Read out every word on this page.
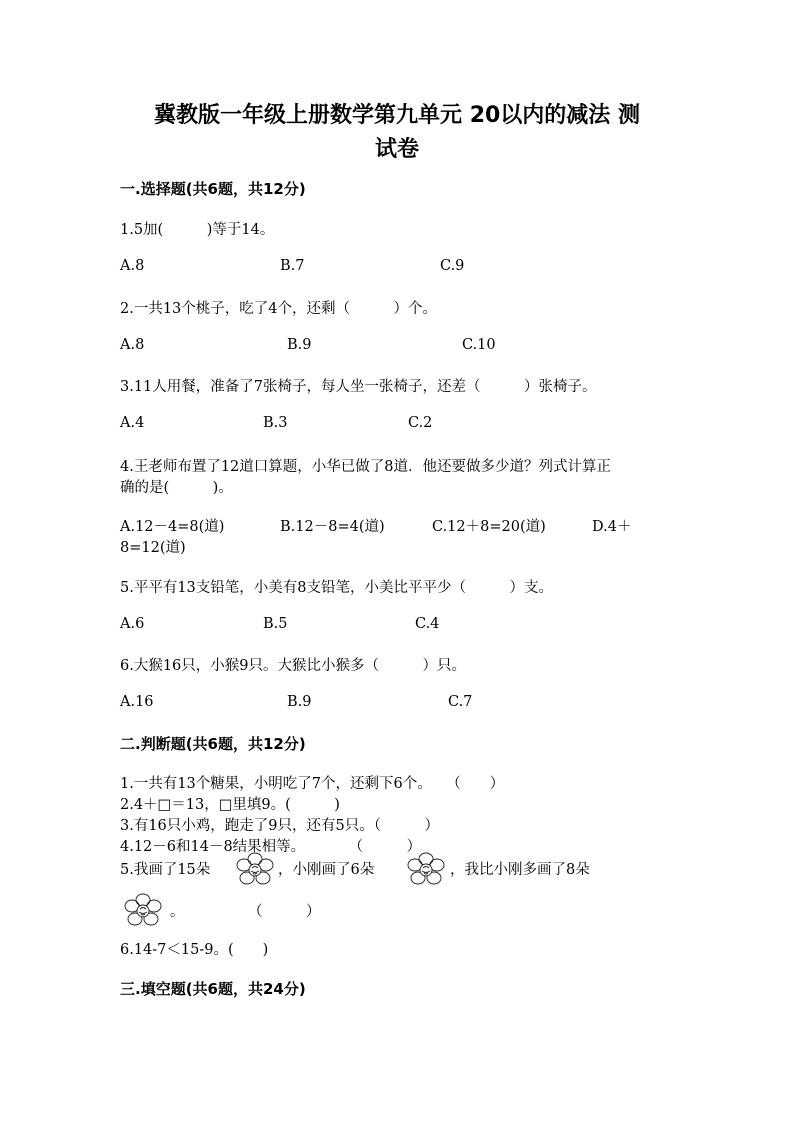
冀教版一年级上册数学第九单元 20以内的减法 测
试卷
一.选择题(共6题，共12分)
1.5加(　　　)等于14。
A.8	B.7	C.9
2.一共13个桃子，吃了4个，还剩（　　　）个。
A.8	B.9	C.10
3.11人用餐，准备了7张椅子，每人坐一张椅子，还差（　　　）张椅子。
A.4	B.3	C.2
4.王老师布置了12道口算题，小华已做了8道．他还要做多少道？列式计算正
确的是(　　　)。
A.12－4=8(道)	B.12－8=4(道)	C.12＋8=20(道)	D.4＋
8=12(道)
5.平平有13支铅笔，小美有8支铅笔，小美比平平少（　　　）支。
A.6	B.5	C.4
6.大猴16只，小猴9只。大猴比小猴多（　　　）只。
A.16	B.9	C.7
二.判断题(共6题，共12分)
1.一共有13个糖果，小明吃了7个，还剩下6个。　　（　　）
2.4＋□＝13，□里填9。(　　　)
3.有16只小鸡，跑走了9只，还有5只。（　　　）
4.12－6和14－8结果相等。　　　　（　　　）
5.我画了15朵	，小刚画了6朵	，我比小刚多画了8朵
。	（　　　）
6.14-7＜15-9。(　　)
三.填空题(共6题，共24分)
